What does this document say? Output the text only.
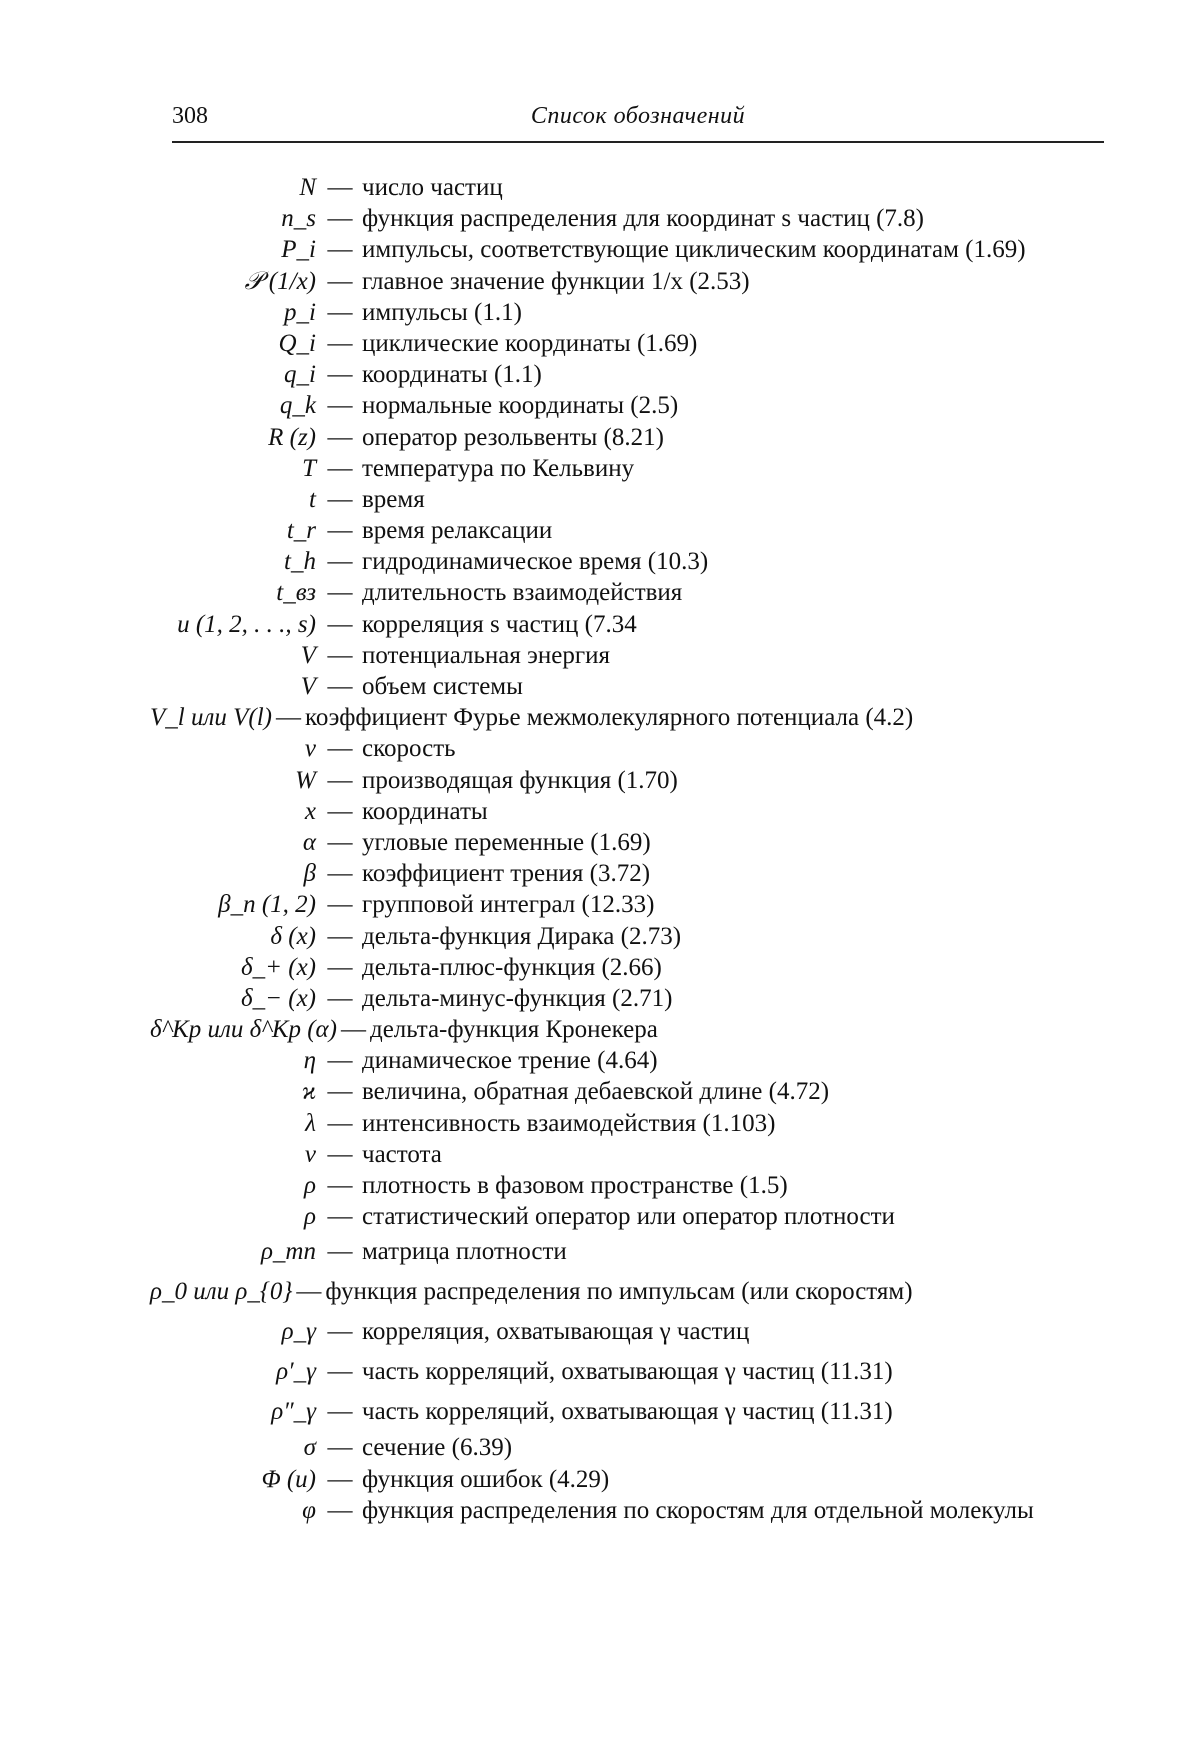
308	Список обозначений
N — число частиц
n_s — функция распределения для координат s частиц (7.8)
P_i — импульсы, соответствующие циклическим координатам (1.69)
𝒫 (1/x) — главное значение функции 1/x (2.53)
p_i — импульсы (1.1)
Q_i — циклические координаты (1.69)
q_i — координаты (1.1)
q_k — нормальные координаты (2.5)
R (z) — оператор резольвенты (8.21)
T — температура по Кельвину
t — время
t_r — время релаксации
t_h — гидродинамическое время (10.3)
t_вз — длительность взаимодействия
u (1, 2, . . ., s) — корреляция s частиц (7.34
V — потенциальная энергия
V — объем системы
V_l или V(l) — коэффициент Фурье межмолекулярного потенциала (4.2)
v — скорость
W — производящая функция (1.70)
x — координаты
α — угловые переменные (1.69)
β — коэффициент трения (3.72)
β_n (1, 2) — групповой интеграл (12.33)
δ (x) — дельта-функция Дирака (2.73)
δ_+ (x) — дельта-плюс-функция (2.66)
δ_− (x) — дельта-минус-функция (2.71)
δ^Кр или δ^Кр (α) — дельта-функция Кронекера
η — динамическое трение (4.64)
ϰ — величина, обратная дебаевской длине (4.72)
λ — интенсивность взаимодействия (1.103)
ν — частота
ρ — плотность в фазовом пространстве (1.5)
ρ — статистический оператор или оператор плотности
ρ_mn — матрица плотности
ρ_0 или ρ_{0} — функция распределения по импульсам (или скоростям)
ρ_γ — корреляция, охватывающая γ частиц
ρ′_γ — часть корреляций, охватывающая γ частиц (11.31)
ρ″_γ — часть корреляций, охватывающая γ частиц (11.31)
σ — сечение (6.39)
Φ (u) — функция ошибок (4.29)
φ — функция распределения по скоростям для отдельной молекулы
